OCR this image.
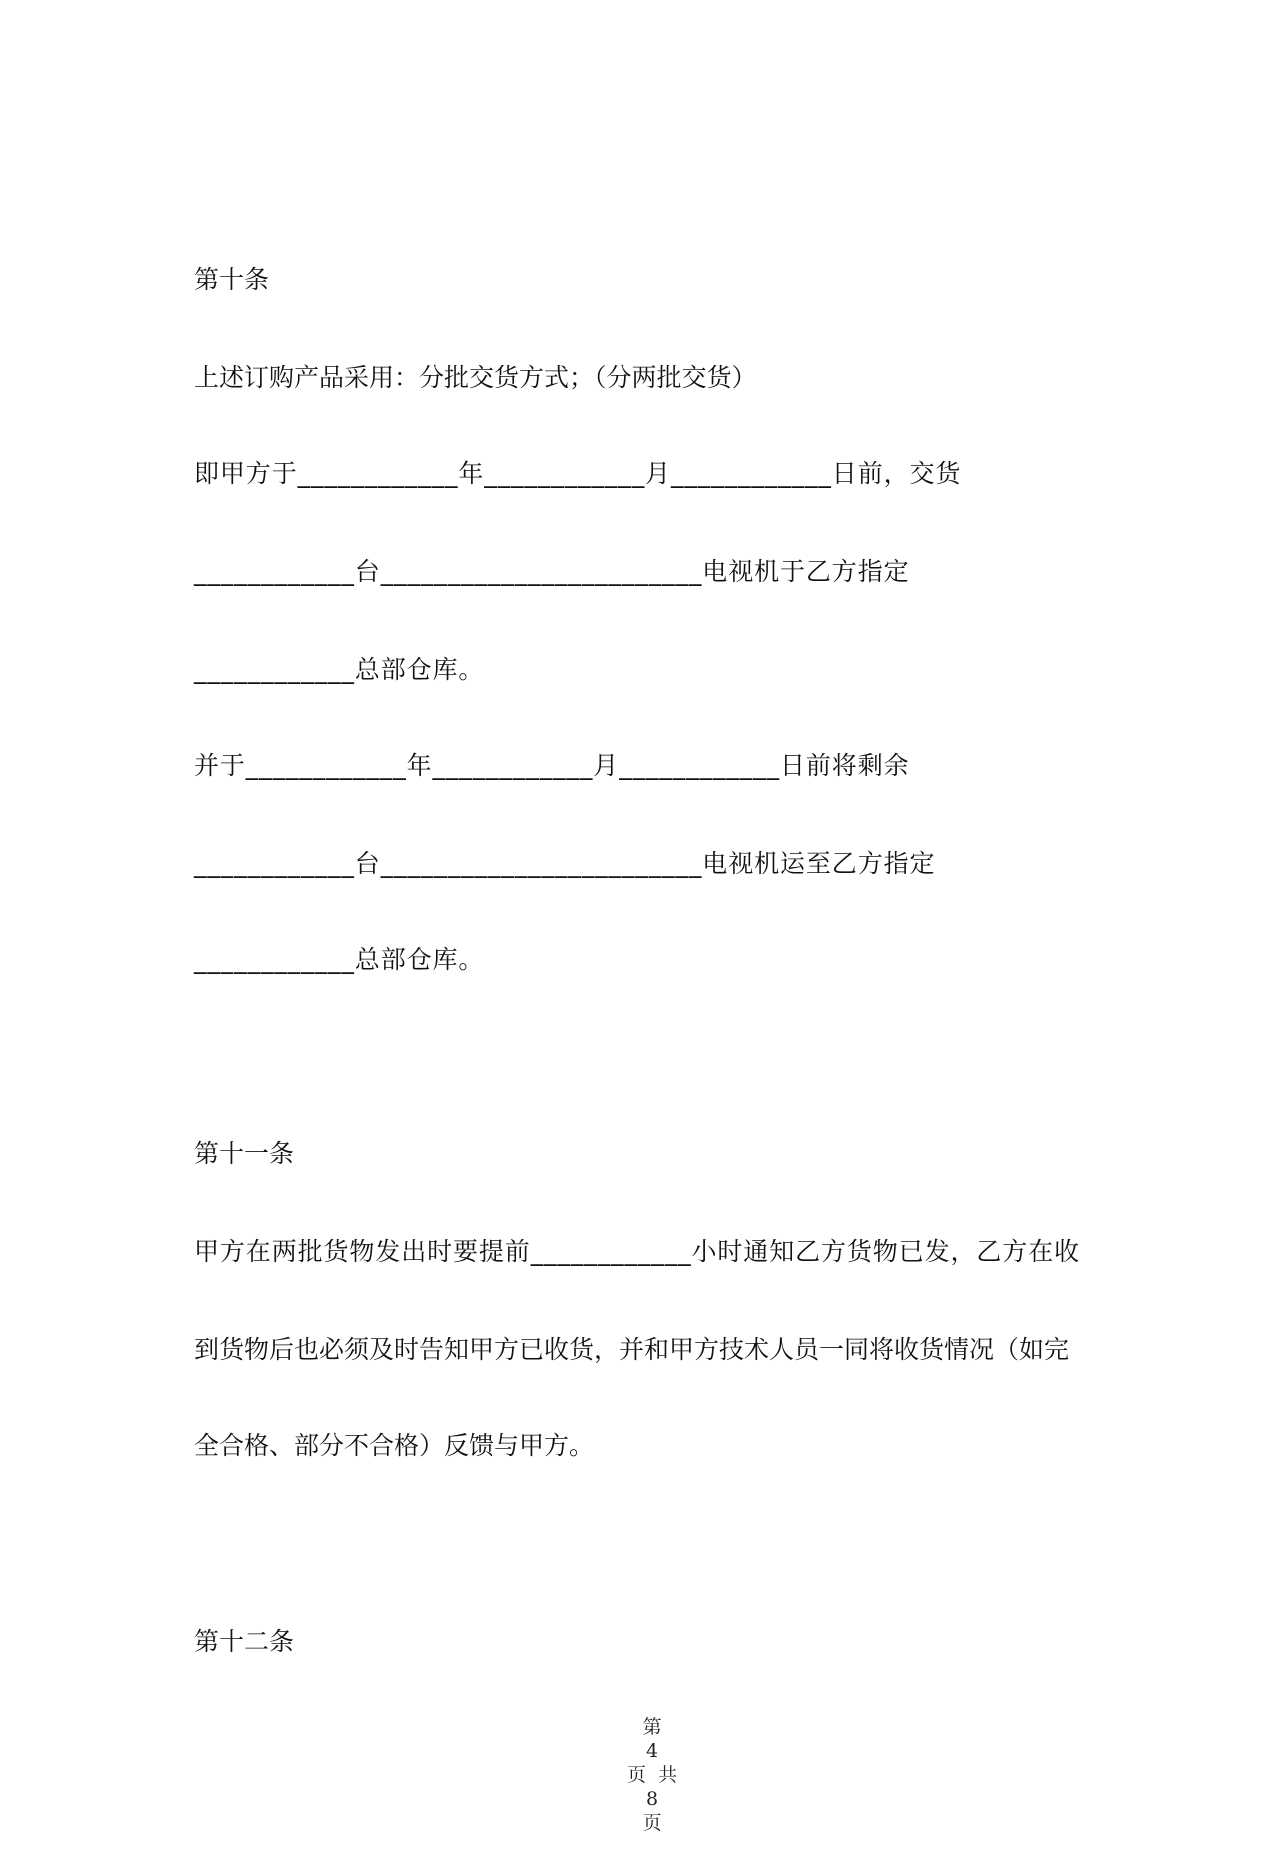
第十条
上述订购产品采用：分批交货方式；（分两批交货）
即甲方于____________年____________月____________日前，交货
____________台________________________电视机于乙方指定
____________总部仓库。
并于____________年____________月____________日前将剩余
____________台________________________电视机运至乙方指定
____________总部仓库。
第十一条
甲方在两批货物发出时要提前____________小时通知乙方货物已发，乙方在收
到货物后也必须及时告知甲方已收货，并和甲方技术人员一同将收货情况（如完
全合格、部分不合格）反馈与甲方。
第十二条

第
4
页  共
8
页
